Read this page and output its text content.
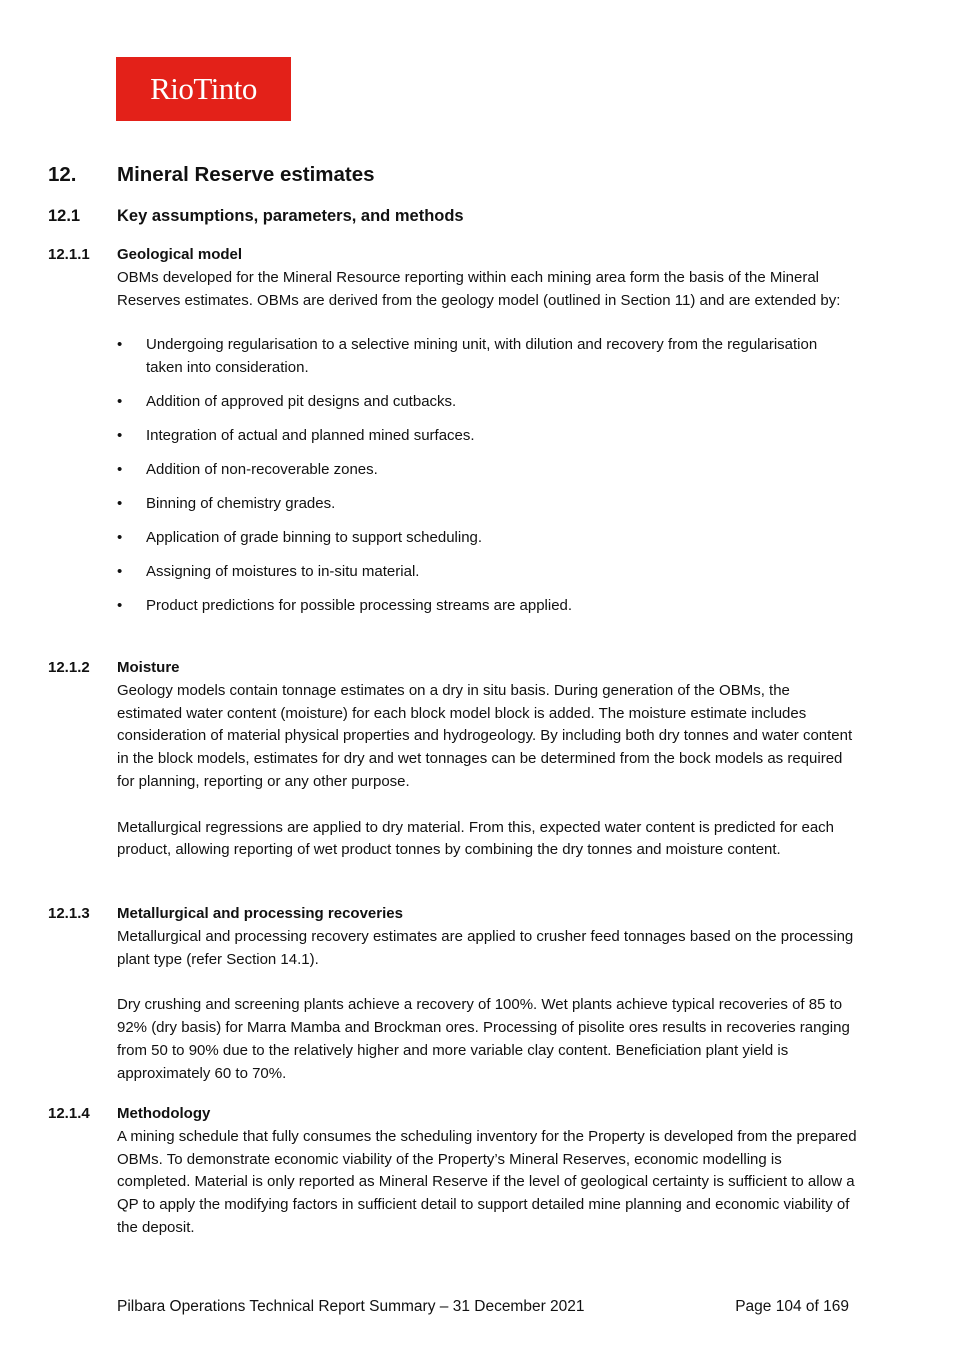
RioTinto
12. Mineral Reserve estimates
12.1 Key assumptions, parameters, and methods
12.1.1 Geological model

OBMs developed for the Mineral Resource reporting within each mining area form the basis of the Mineral Reserves estimates. OBMs are derived from the geology model (outlined in Section 11) and are extended by:

• Undergoing regularisation to a selective mining unit, with dilution and recovery from the regularisation taken into consideration.
• Addition of approved pit designs and cutbacks.
• Integration of actual and planned mined surfaces.
• Addition of non-recoverable zones.
• Binning of chemistry grades.
• Application of grade binning to support scheduling.
• Assigning of moistures to in-situ material.
• Product predictions for possible processing streams are applied.
12.1.2 Moisture

Geology models contain tonnage estimates on a dry in situ basis. During generation of the OBMs, the estimated water content (moisture) for each block model block is added. The moisture estimate includes consideration of material physical properties and hydrogeology. By including both dry tonnes and water content in the block models, estimates for dry and wet tonnages can be determined from the bock models as required for planning, reporting or any other purpose.

Metallurgical regressions are applied to dry material. From this, expected water content is predicted for each product, allowing reporting of wet product tonnes by combining the dry tonnes and moisture content.

12.1.3 Metallurgical and processing recoveries

Metallurgical and processing recovery estimates are applied to crusher feed tonnages based on the processing plant type (refer Section 14.1).

Dry crushing and screening plants achieve a recovery of 100%. Wet plants achieve typical recoveries of 85 to 92% (dry basis) for Marra Mamba and Brockman ores. Processing of pisolite ores results in recoveries ranging from 50 to 90% due to the relatively higher and more variable clay content. Beneficiation plant yield is approximately 60 to 70%.

12.1.4 Methodology

A mining schedule that fully consumes the scheduling inventory for the Property is developed from the prepared OBMs. To demonstrate economic viability of the Property’s Mineral Reserves, economic modelling is completed. Material is only reported as Mineral Reserve if the level of geological certainty is sufficient to allow a QP to apply the modifying factors in sufficient detail to support detailed mine planning and economic viability of the deposit.

Pilbara Operations Technical Report Summary – 31 December 2021	Page 104 of 169
